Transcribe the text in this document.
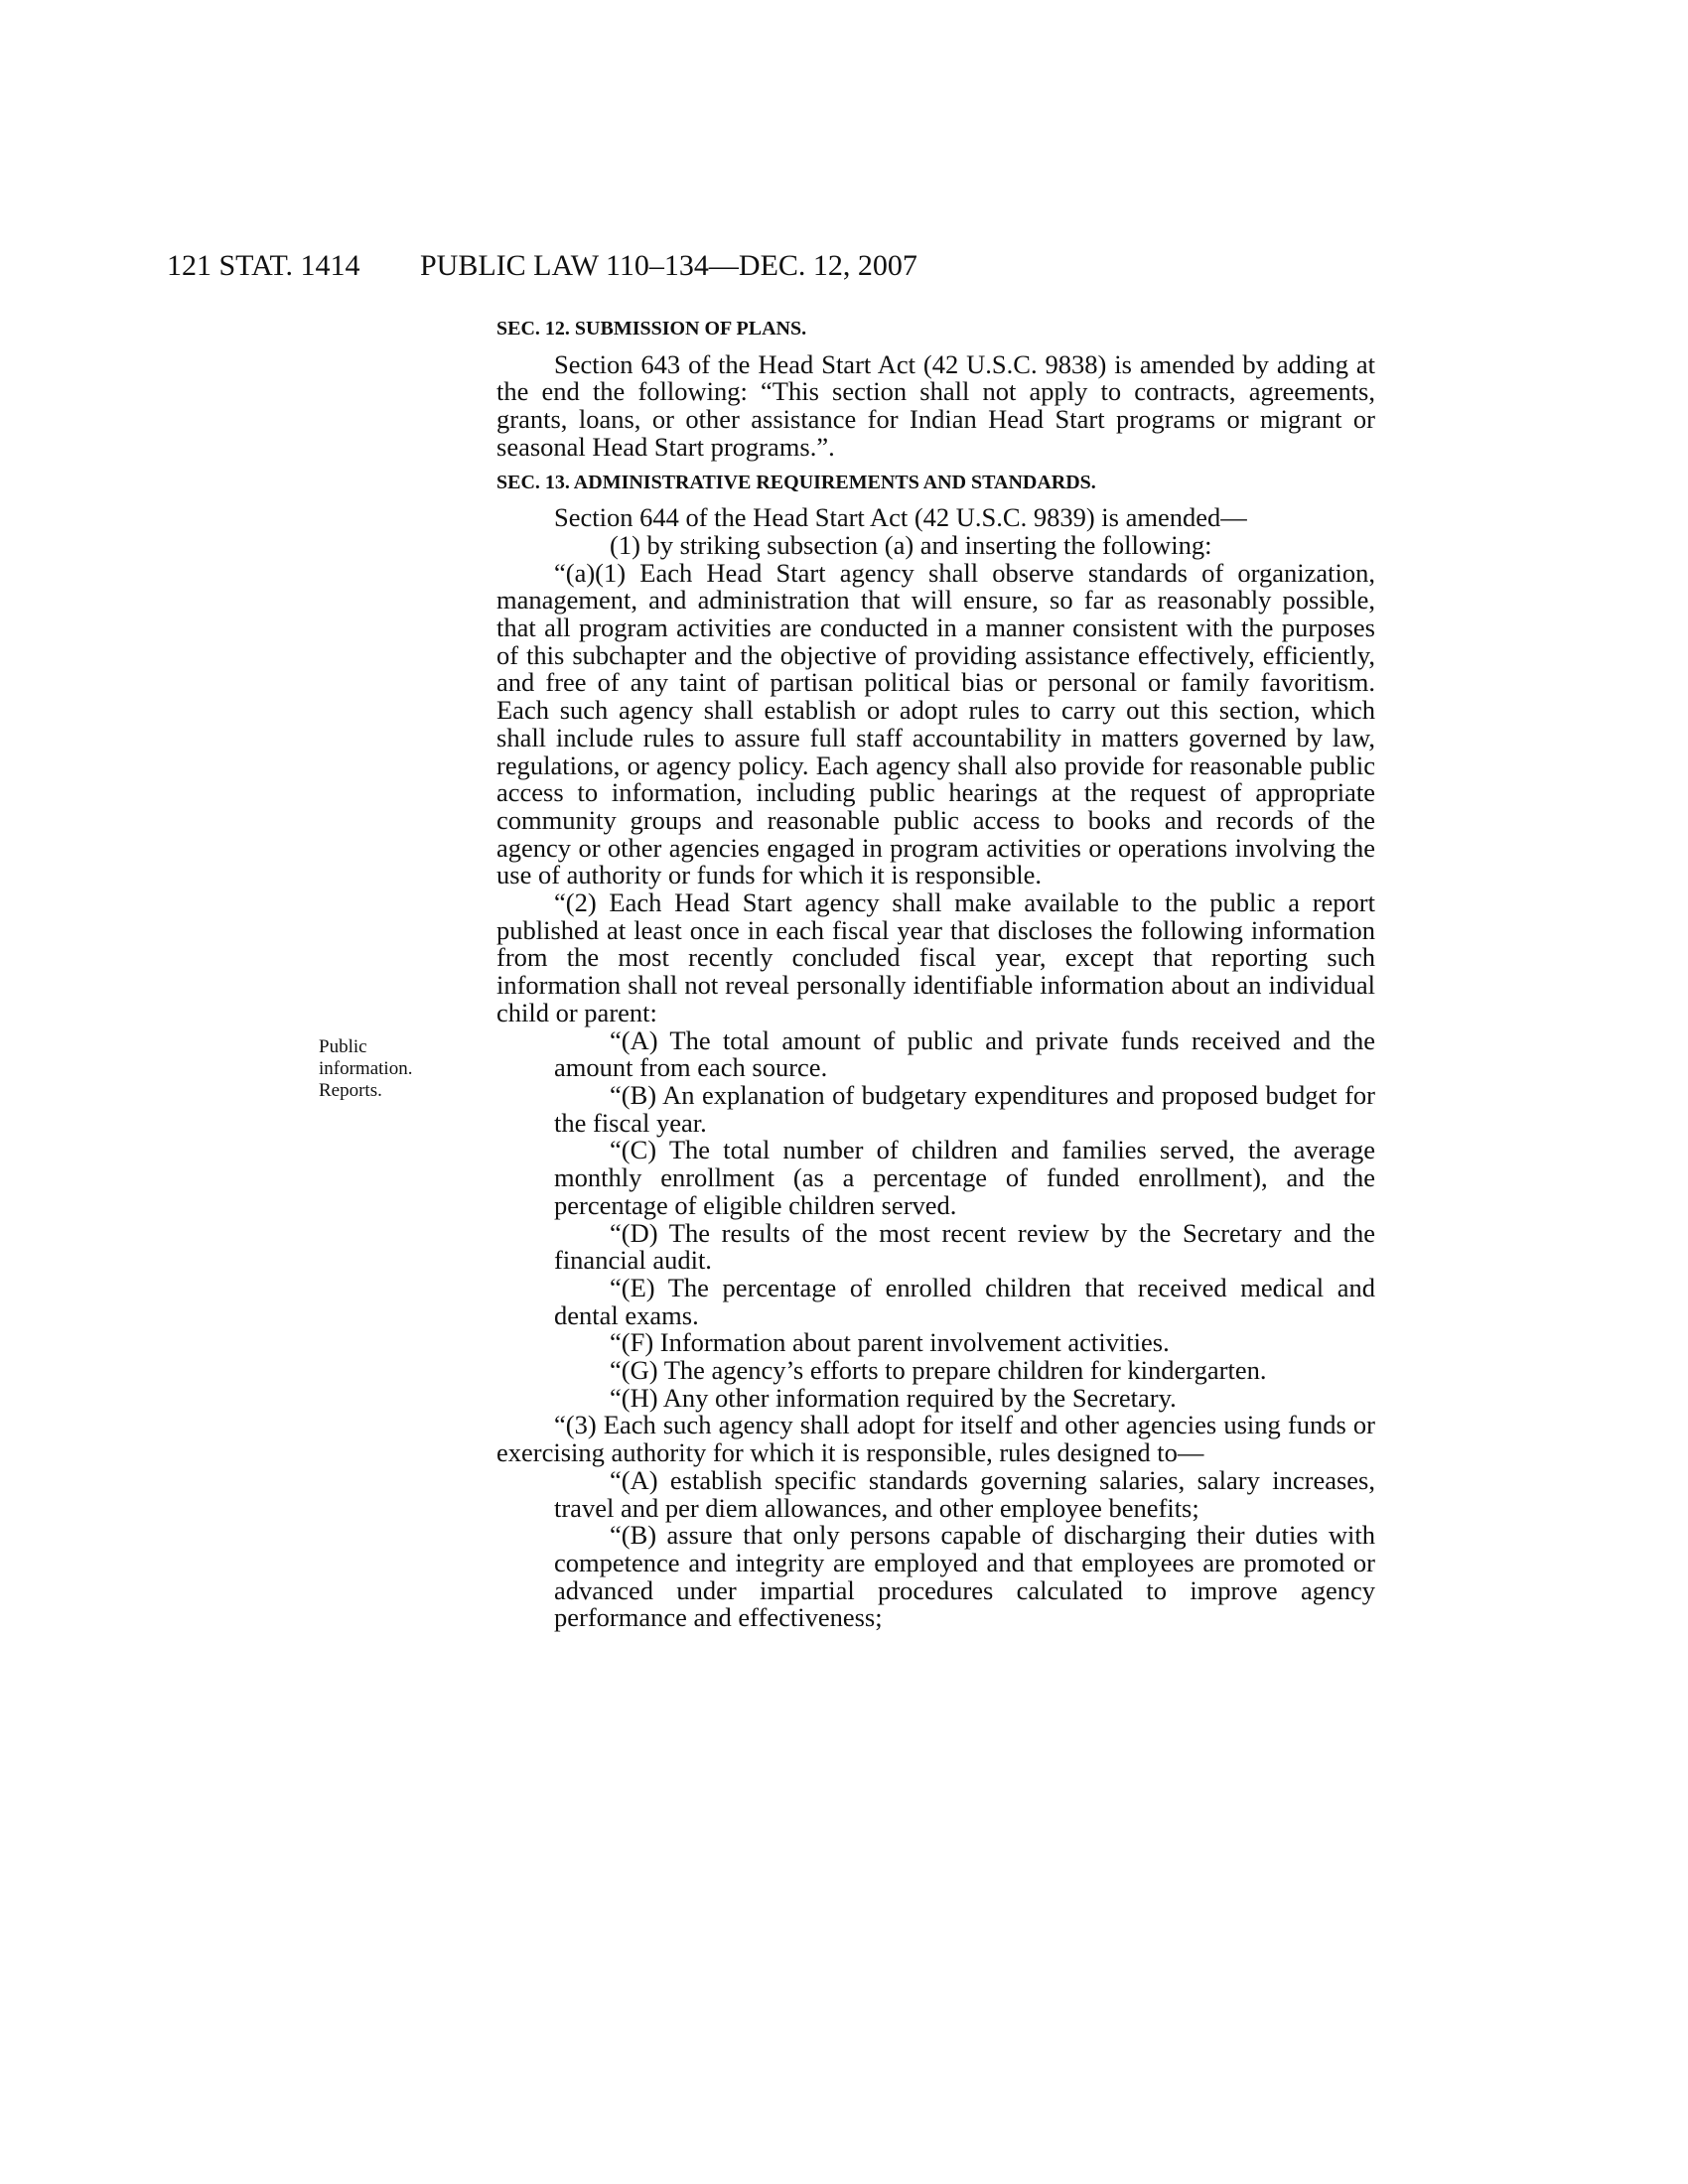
121 STAT. 1414 PUBLIC LAW 110–134—DEC. 12, 2007
Public
information.
Reports.

SEC. 12. SUBMISSION OF PLANS.

Section 643 of the Head Start Act (42 U.S.C. 9838) is amended by adding at the end the following: “This section shall not apply to contracts, agreements, grants, loans, or other assistance for Indian Head Start programs or migrant or seasonal Head Start programs.”.

SEC. 13. ADMINISTRATIVE REQUIREMENTS AND STANDARDS.

Section 644 of the Head Start Act (42 U.S.C. 9839) is amended—

(1) by striking subsection (a) and inserting the following:

“(a)(1) Each Head Start agency shall observe standards of organization, management, and administration that will ensure, so far as reasonably possible, that all program activities are conducted in a manner consistent with the purposes of this subchapter and the objective of providing assistance effectively, efficiently, and free of any taint of partisan political bias or personal or family favoritism. Each such agency shall establish or adopt rules to carry out this section, which shall include rules to assure full staff accountability in matters governed by law, regulations, or agency policy. Each agency shall also provide for reasonable public access to information, including public hearings at the request of appropriate community groups and reasonable public access to books and records of the agency or other agencies engaged in program activities or operations involving the use of authority or funds for which it is responsible.

“(2) Each Head Start agency shall make available to the public a report published at least once in each fiscal year that discloses the following information from the most recently concluded fiscal year, except that reporting such information shall not reveal personally identifiable information about an individual child or parent:

“(A) The total amount of public and private funds received and the amount from each source.

“(B) An explanation of budgetary expenditures and proposed budget for the fiscal year.

“(C) The total number of children and families served, the average monthly enrollment (as a percentage of funded enrollment), and the percentage of eligible children served.

“(D) The results of the most recent review by the Secretary and the financial audit.

“(E) The percentage of enrolled children that received medical and dental exams.

“(F) Information about parent involvement activities.

“(G) The agency’s efforts to prepare children for kindergarten.

“(H) Any other information required by the Secretary.

“(3) Each such agency shall adopt for itself and other agencies using funds or exercising authority for which it is responsible, rules designed to—

“(A) establish specific standards governing salaries, salary increases, travel and per diem allowances, and other employee benefits;

“(B) assure that only persons capable of discharging their duties with competence and integrity are employed and that employees are promoted or advanced under impartial procedures calculated to improve agency performance and effectiveness;
